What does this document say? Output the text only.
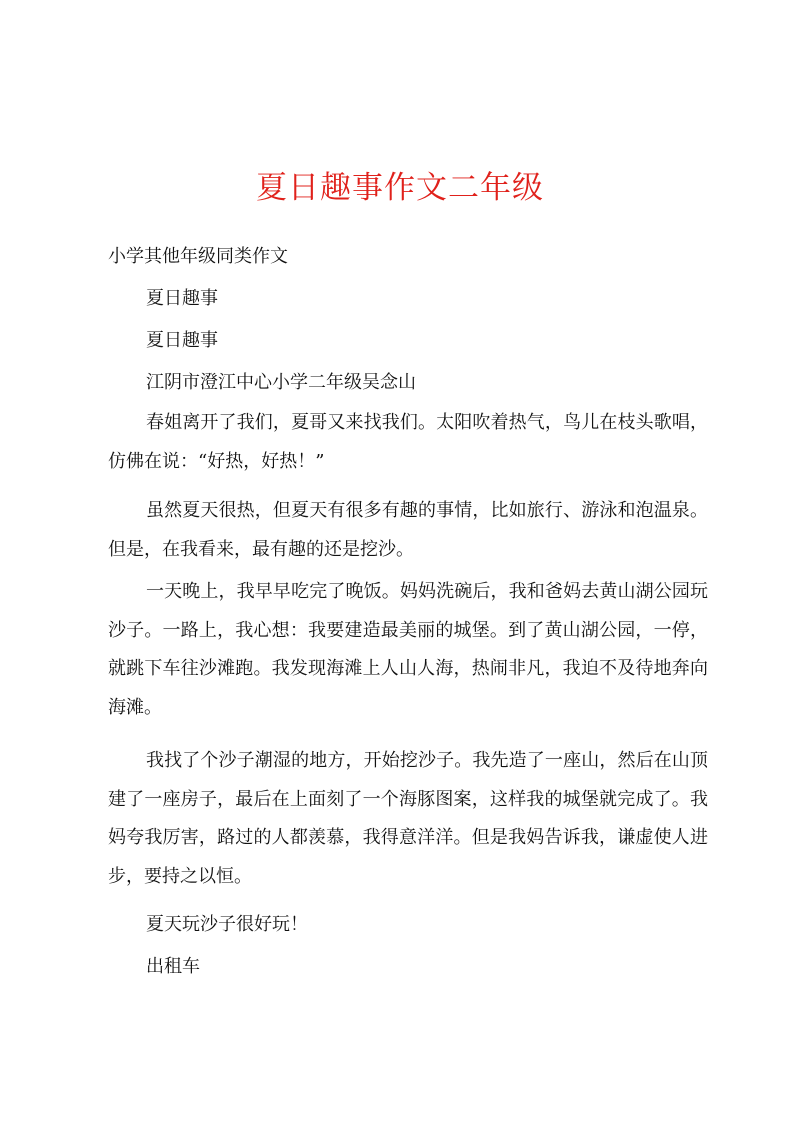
夏日趣事作文二年级
小学其他年级同类作文
夏日趣事
夏日趣事
江阴市澄江中心小学二年级吴念山
春姐离开了我们，夏哥又来找我们。太阳吹着热气，鸟儿在枝头歌唱，仿佛在说：“好热，好热！”
虽然夏天很热，但夏天有很多有趣的事情，比如旅行、游泳和泡温泉。但是，在我看来，最有趣的还是挖沙。
一天晚上，我早早吃完了晚饭。妈妈洗碗后，我和爸妈去黄山湖公园玩沙子。一路上，我心想：我要建造最美丽的城堡。到了黄山湖公园，一停，就跳下车往沙滩跑。我发现海滩上人山人海，热闹非凡，我迫不及待地奔向海滩。
我找了个沙子潮湿的地方，开始挖沙子。我先造了一座山，然后在山顶建了一座房子，最后在上面刻了一个海豚图案，这样我的城堡就完成了。我妈夸我厉害，路过的人都羡慕，我得意洋洋。但是我妈告诉我，谦虚使人进步，要持之以恒。
夏天玩沙子很好玩！
出租车
